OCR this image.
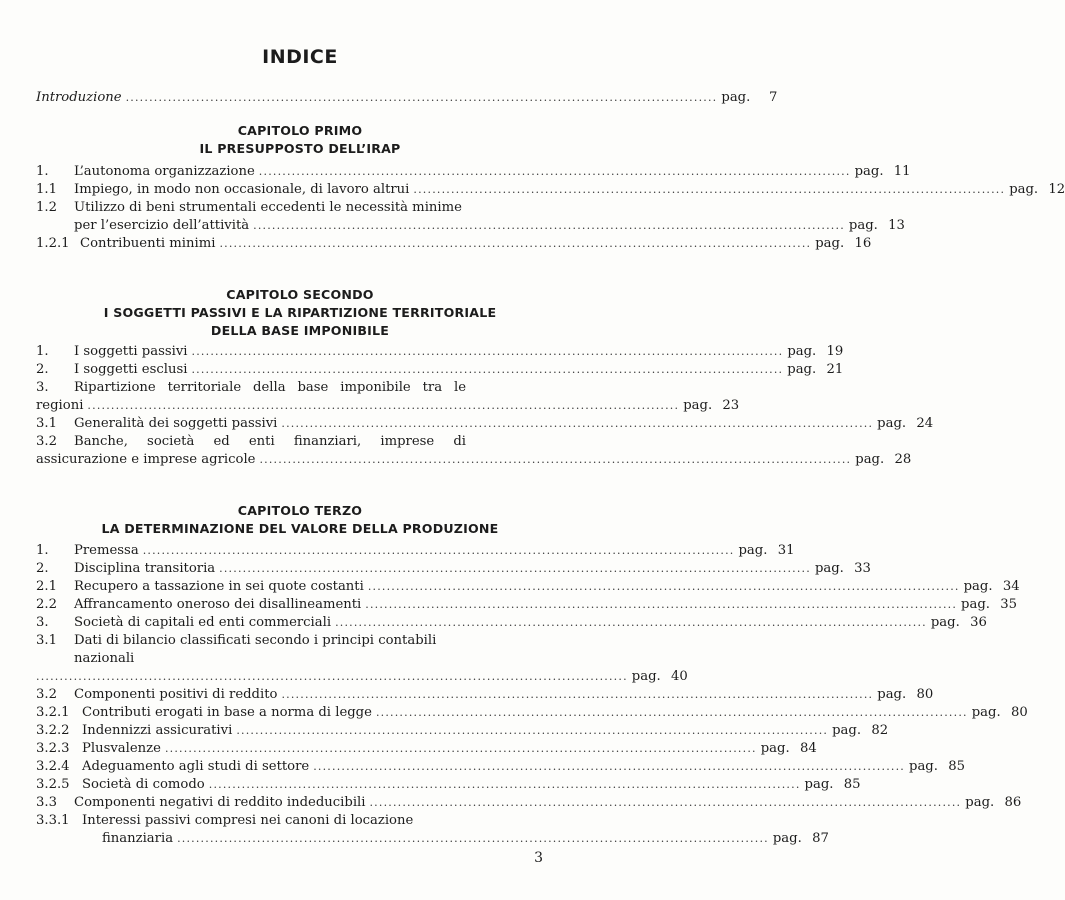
INDICE
Introduzione .............................................................................................................................. pag.	7
CAPITOLO PRIMO
IL PRESUPPOSTO DELL’IRAP
1.	L’autonoma organizzazione .............................................................................................................................. pag. 11
1.1	Impiego, in modo non occasionale, di lavoro altrui .............................................................................................................................. pag. 12
1.2	Utilizzo di beni strumentali eccedenti le necessità minime
per l’esercizio dell’attività .............................................................................................................................. pag. 13
1.2.1 Contribuenti minimi .............................................................................................................................. pag. 16
CAPITOLO SECONDO
I SOGGETTI PASSIVI E LA RIPARTIZIONE TERRITORIALE
DELLA BASE IMPONIBILE
1.	I soggetti passivi .............................................................................................................................. pag. 19
2.	I soggetti esclusi .............................................................................................................................. pag. 21
3.	Ripartizione territoriale della base imponibile tra le
regioni .............................................................................................................................. pag. 23
3.1	Generalità dei soggetti passivi .............................................................................................................................. pag. 24
3.2	Banche, società ed enti finanziari, imprese di
assicurazione e imprese agricole .............................................................................................................................. pag. 28
CAPITOLO TERZO
LA DETERMINAZIONE DEL VALORE DELLA PRODUZIONE
1.	Premessa .............................................................................................................................. pag. 31
2.	Disciplina transitoria .............................................................................................................................. pag. 33
2.1	Recupero a tassazione in sei quote costanti .............................................................................................................................. pag. 34
2.2	Affrancamento oneroso dei disallineamenti .............................................................................................................................. pag. 35
3.	Società di capitali ed enti commerciali .............................................................................................................................. pag. 36
3.1	Dati di bilancio classificati secondo i principi contabili
nazionali
.............................................................................................................................. pag. 40
3.2	Componenti positivi di reddito .............................................................................................................................. pag. 80
3.2.1 Contributi erogati in base a norma di legge .............................................................................................................................. pag. 80
3.2.2 Indennizzi assicurativi .............................................................................................................................. pag. 82
3.2.3 Plusvalenze .............................................................................................................................. pag. 84
3.2.4 Adeguamento agli studi di settore .............................................................................................................................. pag. 85
3.2.5 Società di comodo .............................................................................................................................. pag. 85
3.3	Componenti negativi di reddito indeducibili .............................................................................................................................. pag. 86
3.3.1 Interessi passivi compresi nei canoni di locazione
finanziaria .............................................................................................................................. pag. 87
3
